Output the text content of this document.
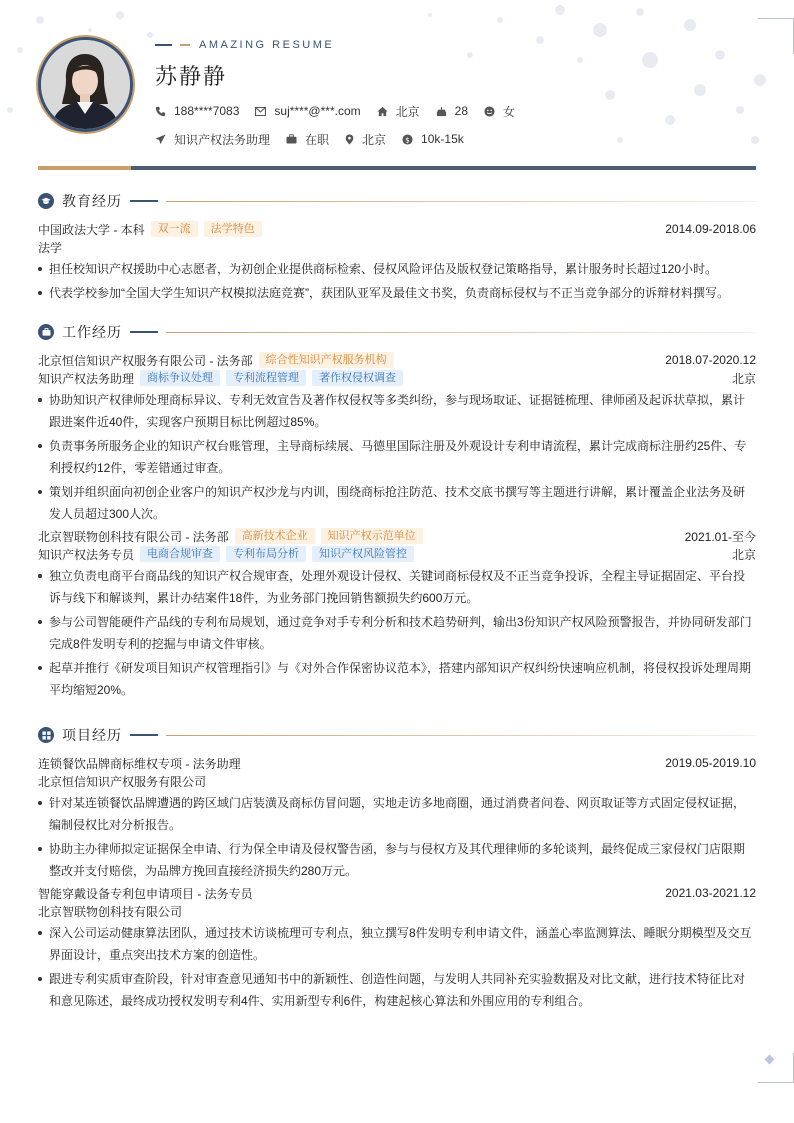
AMAZING RESUME
苏静静
188****7083	suj****@***.com	北京	28	女
知识产权法务助理	在职	北京 $ 10k-15k
教育经历
中国政法大学 - 本科	双一流	法学特色	2014.09-2018.06
法学
担任校知识产权援助中心志愿者，为初创企业提供商标检索、侵权风险评估及版权登记策略指导，累计服务时长超过120小时。
代表学校参加“全国大学生知识产权模拟法庭竞赛”，获团队亚军及最佳文书奖，负责商标侵权与不正当竞争部分的诉辩材料撰写。
工作经历
北京恒信知识产权服务有限公司 - 法务部	综合性知识产权服务机构	2018.07-2020.12
知识产权法务助理	商标争议处理	专利流程管理	著作权侵权调查	北京
协助知识产权律师处理商标异议、专利无效宣告及著作权侵权等多类纠纷，参与现场取证、证据链梳理、律师函及起诉状草拟，累计跟进案件近40件，实现客户预期目标比例超过85%。
负责事务所服务企业的知识产权台账管理，主导商标续展、马德里国际注册及外观设计专利申请流程，累计完成商标注册约25件、专利授权约12件，零差错通过审查。
策划并组织面向初创企业客户的知识产权沙龙与内训，围绕商标抢注防范、技术交底书撰写等主题进行讲解，累计覆盖企业法务及研发人员超过300人次。
北京智联物创科技有限公司 - 法务部	高新技术企业	知识产权示范单位	2021.01-至今
知识产权法务专员	电商合规审查	专利布局分析	知识产权风险管控	北京
独立负责电商平台商品线的知识产权合规审查，处理外观设计侵权、关键词商标侵权及不正当竞争投诉，全程主导证据固定、平台投诉与线下和解谈判，累计办结案件18件，为业务部门挽回销售额损失约600万元。
参与公司智能硬件产品线的专利布局规划，通过竞争对手专利分析和技术趋势研判，输出3份知识产权风险预警报告，并协同研发部门完成8件发明专利的挖掘与申请文件审核。
起草并推行《研发项目知识产权管理指引》与《对外合作保密协议范本》，搭建内部知识产权纠纷快速响应机制，将侵权投诉处理周期平均缩短20%。
项目经历
连锁餐饮品牌商标维权专项 - 法务助理	2019.05-2019.10
北京恒信知识产权服务有限公司
针对某连锁餐饮品牌遭遇的跨区域门店装潢及商标仿冒问题，实地走访多地商圈，通过消费者问卷、网页取证等方式固定侵权证据，编制侵权比对分析报告。
协助主办律师拟定证据保全申请、行为保全申请及侵权警告函，参与与侵权方及其代理律师的多轮谈判，最终促成三家侵权门店限期整改并支付赔偿，为品牌方挽回直接经济损失约280万元。
智能穿戴设备专利包申请项目 - 法务专员	2021.03-2021.12
北京智联物创科技有限公司
深入公司运动健康算法团队，通过技术访谈梳理可专利点，独立撰写8件发明专利申请文件，涵盖心率监测算法、睡眠分期模型及交互界面设计，重点突出技术方案的创造性。
跟进专利实质审查阶段，针对审查意见通知书中的新颖性、创造性问题，与发明人共同补充实验数据及对比文献，进行技术特征比对和意见陈述，最终成功授权发明专利4件、实用新型专利6件，构建起核心算法和外围应用的专利组合。
